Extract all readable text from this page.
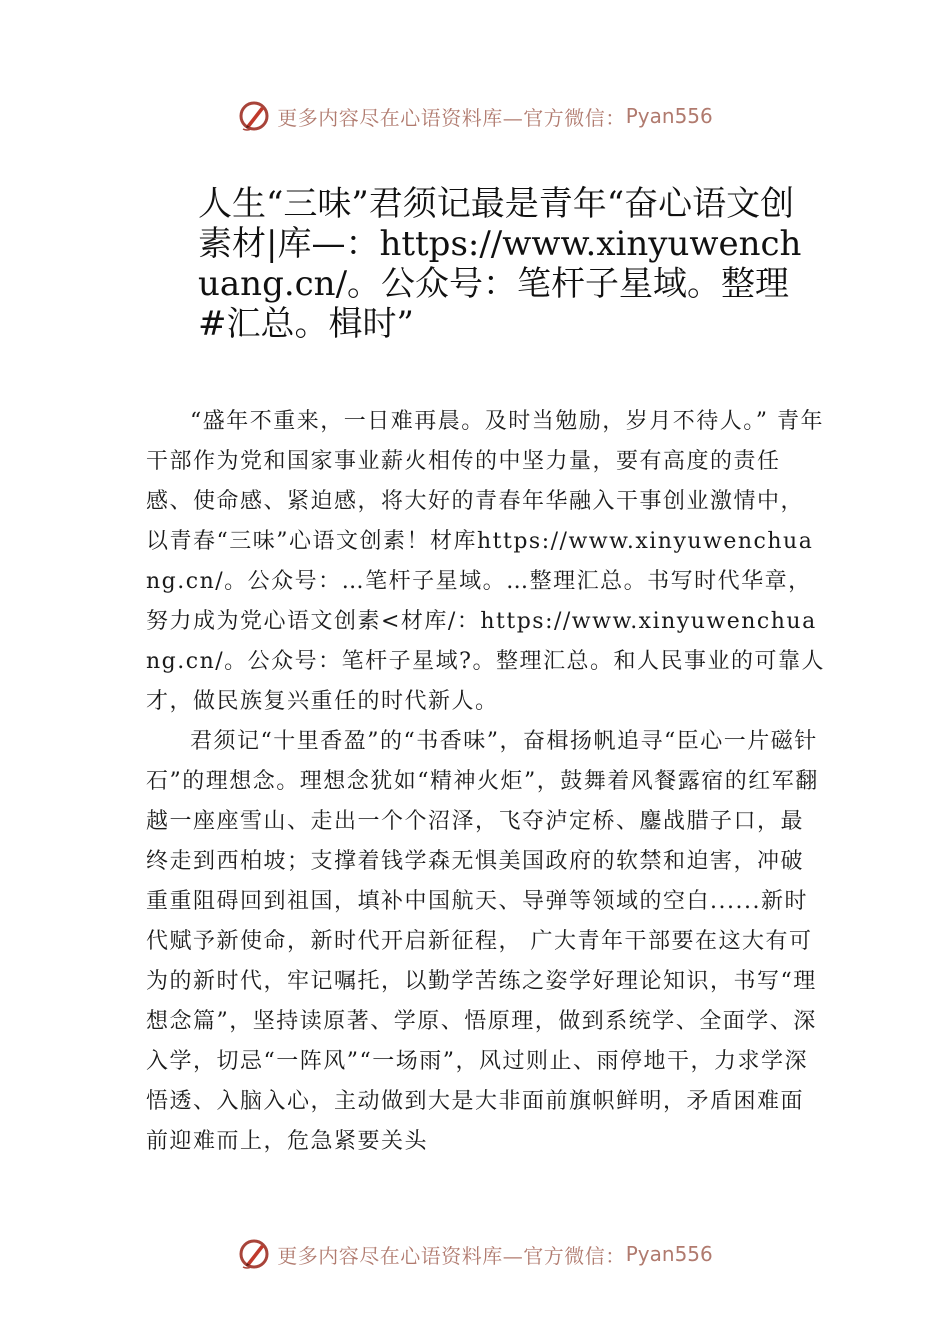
更多内容尽在心语资料库—官方微信： Pyan556
人生“三味”君须记最是青年“奋心语文创素材|库—：https://www.xinyuwenchuang.cn/。公众号：笔杆子星域。整理#汇总。楫时”

“盛年不重来，一日难再晨。及时当勉励，岁月不待人。” 青年干部作为党和国家事业薪火相传的中坚力量，要有高度的责任感、使命感、紧迫感，将大好的青春年华融入干事创业激情中，以青春“三味”心语文创素！材库https://www.xinyuwenchuang.cn/。公众号：…笔杆子星域。…整理汇总。书写时代华章，努力成为党心语文创素<材库/：https://www.xinyuwenchuang.cn/。公众号：笔杆子星域?。整理汇总。和人民事业的可靠人才，做民族复兴重任的时代新人。

君须记“十里香盈”的“书香味”，奋楫扬帆追寻“臣心一片磁针石”的理想念。理想念犹如“精神火炬”，鼓舞着风餐露宿的红军翻越一座座雪山、走出一个个沼泽，飞夺泸定桥、鏖战腊子口，最终走到西柏坡；支撑着钱学森无惧美国政府的软禁和迫害，冲破重重阻碍回到祖国，填补中国航天、导弹等领域的空白......新时代赋予新使命，新时代开启新征程， 广大青年干部要在这大有可为的新时代，牢记嘱托，以勤学苦练之姿学好理论知识，书写“理想念篇”，坚持读原著、学原、悟原理，做到系统学、全面学、深入学，切忌“一阵风”“一场雨”，风过则止、雨停地干，力求学深悟透、入脑入心，主动做到大是大非面前旗帜鲜明，矛盾困难面前迎难而上，危急紧要关头

更多内容尽在心语资料库—官方微信： Pyan556
